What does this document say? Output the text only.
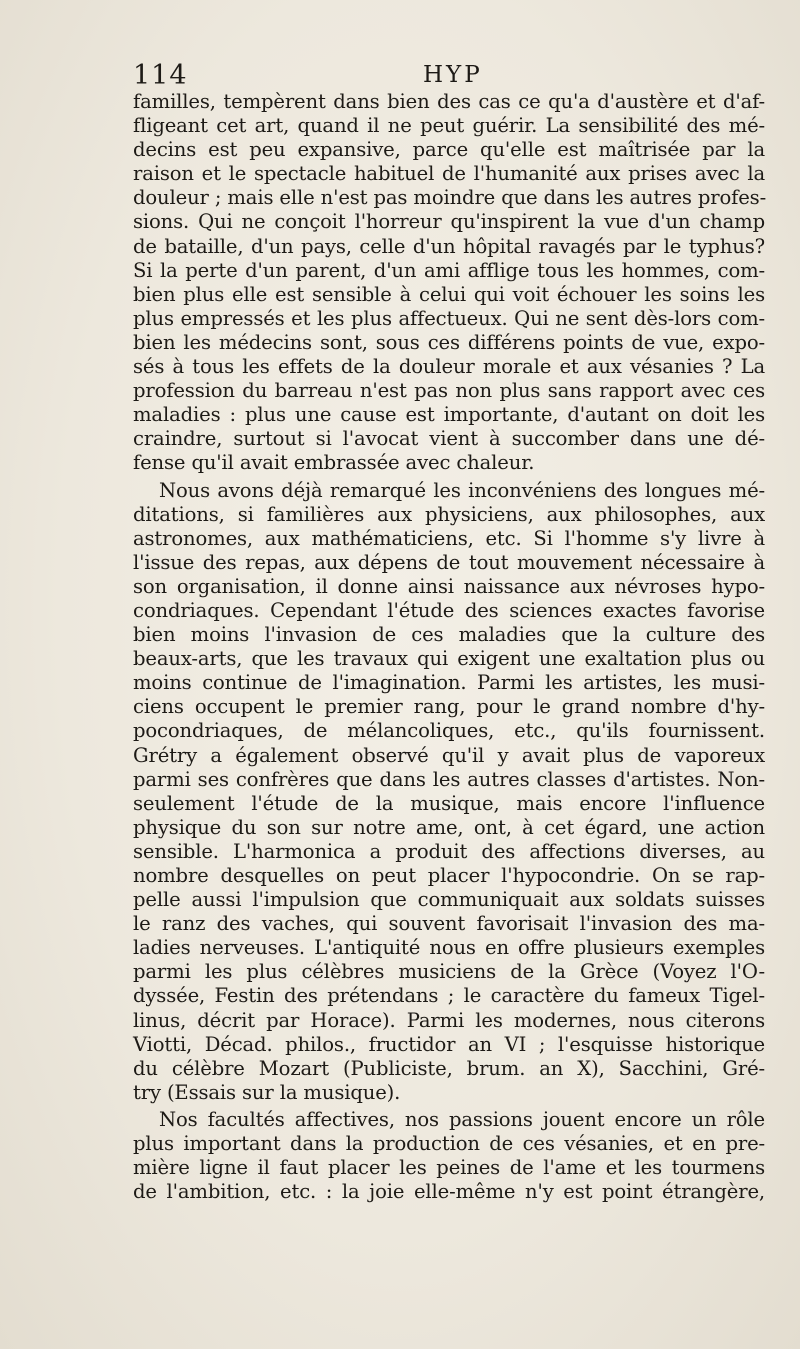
114	HYP
familles, tempèrent dans bien des cas ce qu'a d'austère et d'af-
fligeant cet art, quand il ne peut guérir. La sensibilité des mé-
decins est peu expansive, parce qu'elle est maîtrisée par la
raison et le spectacle habituel de l'humanité aux prises avec la
douleur ; mais elle n'est pas moindre que dans les autres profes-
sions. Qui ne conçoit l'horreur qu'inspirent la vue d'un champ
de bataille, d'un pays, celle d'un hôpital ravagés par le typhus?
Si la perte d'un parent, d'un ami afflige tous les hommes, com-
bien plus elle est sensible à celui qui voit échouer les soins les
plus empressés et les plus affectueux. Qui ne sent dès-lors com-
bien les médecins sont, sous ces différens points de vue, expo-
sés à tous les effets de la douleur morale et aux vésanies ? La
profession du barreau n'est pas non plus sans rapport avec ces
maladies : plus une cause est importante, d'autant on doit les
craindre, surtout si l'avocat vient à succomber dans une dé-
fense qu'il avait embrassée avec chaleur.
Nous avons déjà remarqué les inconvéniens des longues mé-
ditations, si familières aux physiciens, aux philosophes, aux
astronomes, aux mathématiciens, etc. Si l'homme s'y livre à
l'issue des repas, aux dépens de tout mouvement nécessaire à
son organisation, il donne ainsi naissance aux névroses hypo-
condriaques. Cependant l'étude des sciences exactes favorise
bien moins l'invasion de ces maladies que la culture des
beaux-arts, que les travaux qui exigent une exaltation plus ou
moins continue de l'imagination. Parmi les artistes, les musi-
ciens occupent le premier rang, pour le grand nombre d'hy-
pocondriaques, de mélancoliques, etc., qu'ils fournissent.
Grétry a également observé qu'il y avait plus de vaporeux
parmi ses confrères que dans les autres classes d'artistes. Non-
seulement l'étude de la musique, mais encore l'influence
physique du son sur notre ame, ont, à cet égard, une action
sensible. L'harmonica a produit des affections diverses, au
nombre desquelles on peut placer l'hypocondrie. On se rap-
pelle aussi l'impulsion que communiquait aux soldats suisses
le ranz des vaches, qui souvent favorisait l'invasion des ma-
ladies nerveuses. L'antiquité nous en offre plusieurs exemples
parmi les plus célèbres musiciens de la Grèce (Voyez l'O-
dyssée, Festin des prétendans ; le caractère du fameux Tigel-
linus, décrit par Horace). Parmi les modernes, nous citerons
Viotti, Décad. philos., fructidor an VI ; l'esquisse historique
du célèbre Mozart (Publiciste, brum. an X), Sacchini, Gré-
try (Essais sur la musique).
Nos facultés affectives, nos passions jouent encore un rôle
plus important dans la production de ces vésanies, et en pre-
mière ligne il faut placer les peines de l'ame et les tourmens
de l'ambition, etc. : la joie elle-même n'y est point étrangère,
